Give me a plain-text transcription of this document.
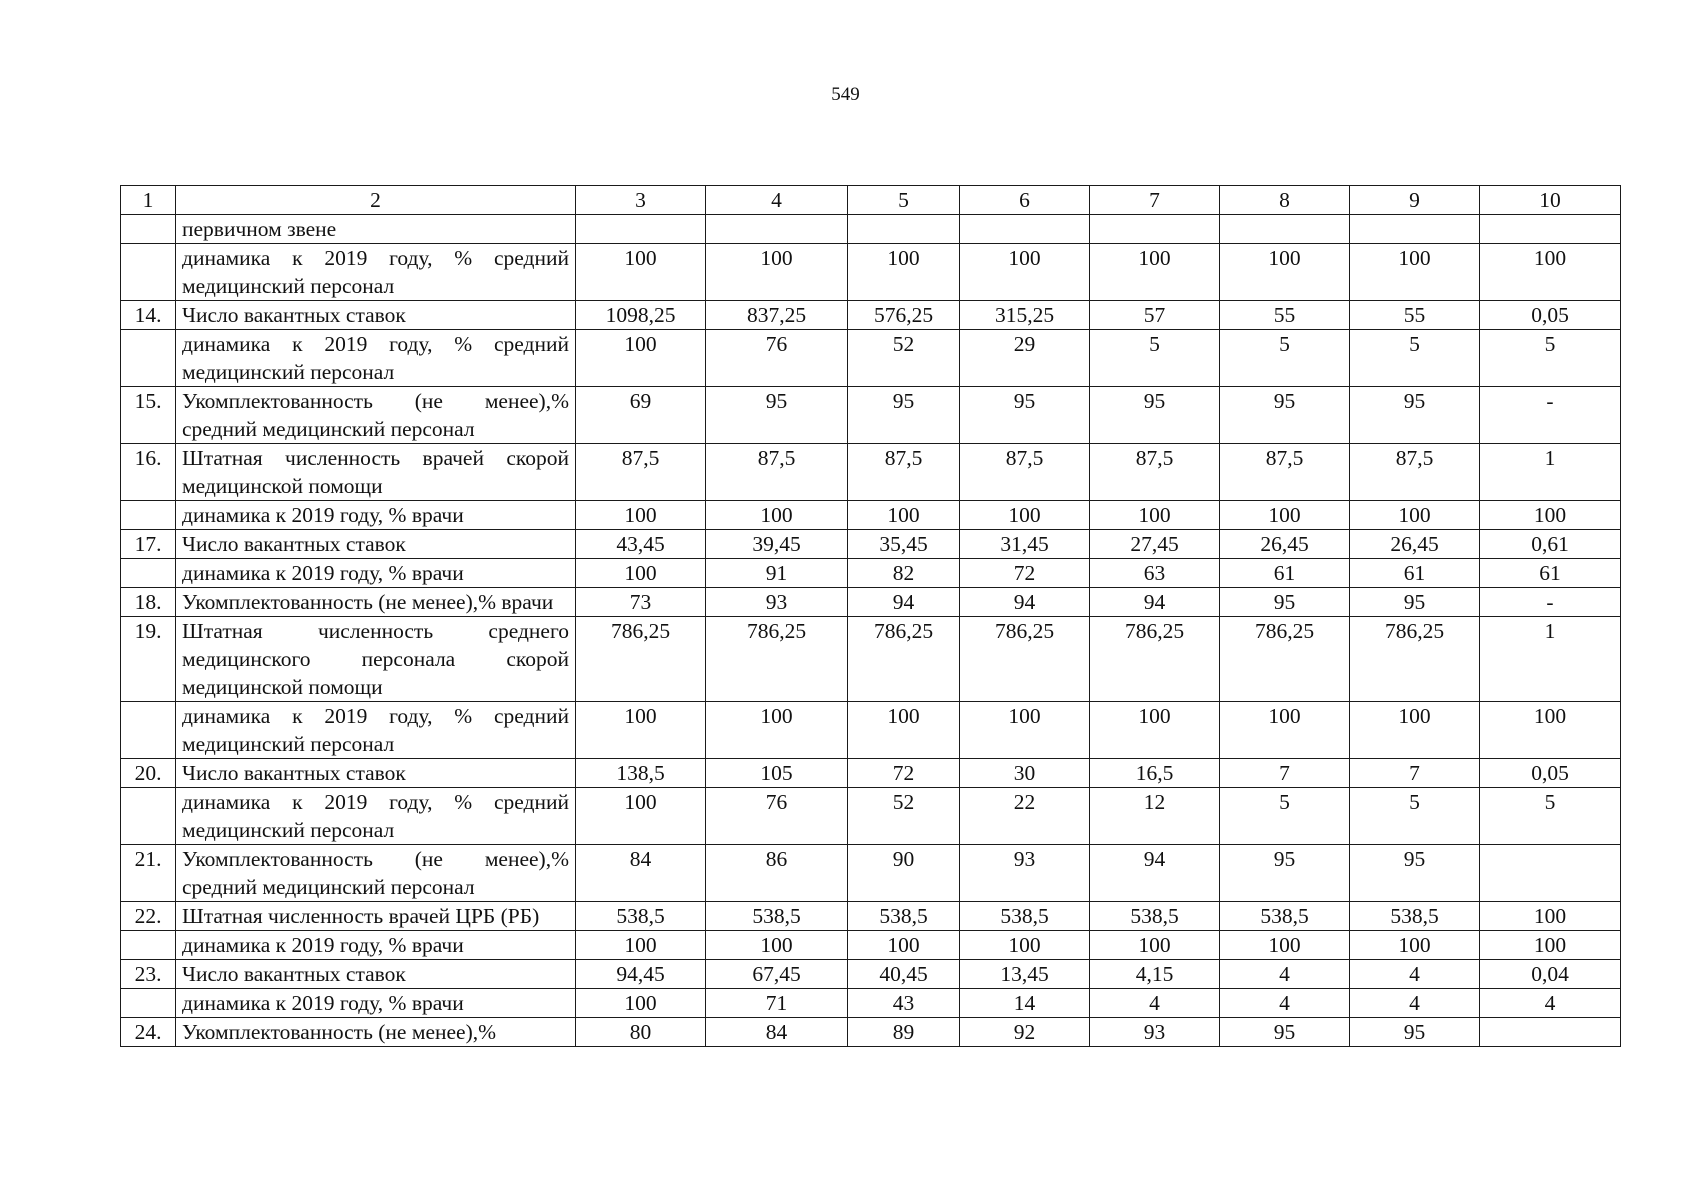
549
1	2	3	4	5	6	7	8	9	10
	первичном звене								
	динамика к 2019 году, % средний медицинский персонал	100	100	100	100	100	100	100	100
14.	Число вакантных ставок	1098,25	837,25	576,25	315,25	57	55	55	0,05
	динамика к 2019 году, % средний медицинский персонал	100	76	52	29	5	5	5	5
15.	Укомплектованность (не менее),% средний медицинский персонал	69	95	95	95	95	95	95	-
16.	Штатная численность врачей скорой медицинской помощи	87,5	87,5	87,5	87,5	87,5	87,5	87,5	1
	динамика к 2019 году, % врачи	100	100	100	100	100	100	100	100
17.	Число вакантных ставок	43,45	39,45	35,45	31,45	27,45	26,45	26,45	0,61
	динамика к 2019 году, % врачи	100	91	82	72	63	61	61	61
18.	Укомплектованность (не менее),% врачи	73	93	94	94	94	95	95	-
19.	Штатная численность среднего медицинского персонала скорой медицинской помощи	786,25	786,25	786,25	786,25	786,25	786,25	786,25	1
	динамика к 2019 году, % средний медицинский персонал	100	100	100	100	100	100	100	100
20.	Число вакантных ставок	138,5	105	72	30	16,5	7	7	0,05
	динамика к 2019 году, % средний медицинский персонал	100	76	52	22	12	5	5	5
21.	Укомплектованность (не менее),% средний медицинский персонал	84	86	90	93	94	95	95	
22.	Штатная численность врачей ЦРБ (РБ)	538,5	538,5	538,5	538,5	538,5	538,5	538,5	100
	динамика к 2019 году, % врачи	100	100	100	100	100	100	100	100
23.	Число вакантных ставок	94,45	67,45	40,45	13,45	4,15	4	4	0,04
	динамика к 2019 году, % врачи	100	71	43	14	4	4	4	4
24.	Укомплектованность (не менее),%	80	84	89	92	93	95	95	
